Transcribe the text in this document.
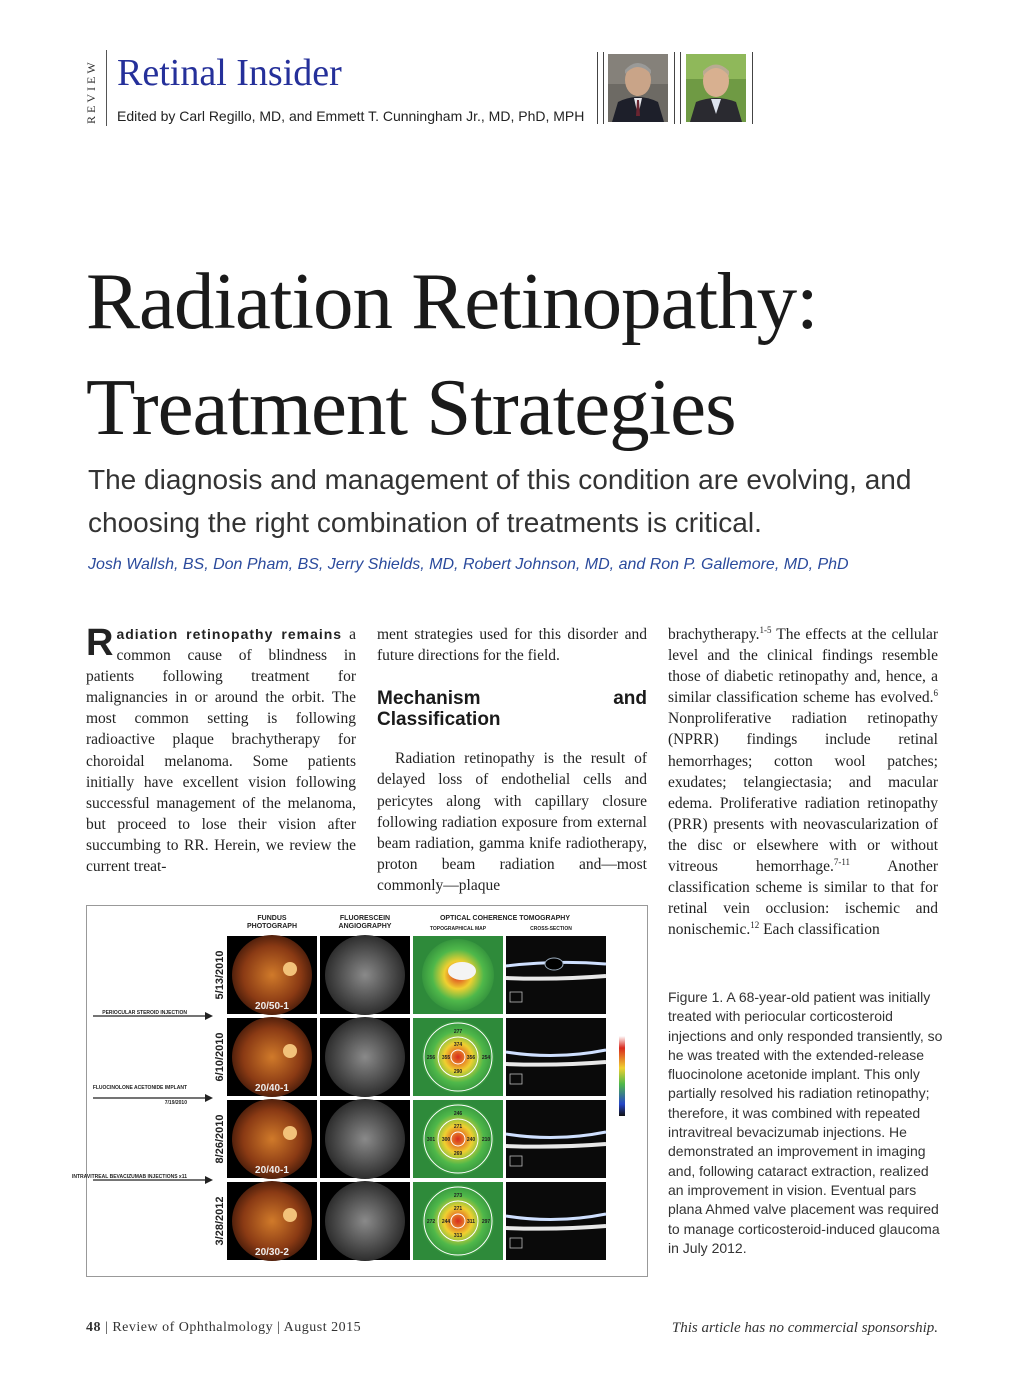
REVIEW Retinal Insider
Edited by Carl Regillo, MD, and Emmett T. Cunningham Jr., MD, PhD, MPH
Radiation Retinopathy:
Treatment Strategies
The diagnosis and management of this condition are evolving, and choosing the right combination of treatments is critical.
Josh Wallsh, BS, Don Pham, BS, Jerry Shields, MD, Robert Johnson, MD, and Ron P. Gallemore, MD, PhD

Radiation retinopathy remains a common cause of blindness in patients following treatment for malignancies in or around the orbit. The most common setting is following radioactive plaque brachytherapy for choroidal melanoma. Some patients initially have excellent vision following successful management of the melanoma, but proceed to lose their vision after succumbing to RR. Herein, we review the current treat-

ment strategies used for this disorder and future directions for the field.

Mechanism and Classification

Radiation retinopathy is the result of delayed loss of endothelial cells and pericytes along with capillary closure following radiation exposure from external beam radiation, gamma knife radiotherapy, proton beam radiation and—most commonly—plaque

brachytherapy.$^{1-5}$ The effects at the cellular level and the clinical findings resemble those of diabetic retinopathy and, hence, a similar classification scheme has evolved.$^6$ Nonproliferative radiation retinopathy (NPRR) findings include retinal hemorrhages; cotton wool patches; exudates; telangiectasia; and macular edema. Proliferative radiation retinopathy (PRR) presents with neovascularization of the disc or elsewhere with or without vitreous hemorrhage.$^{7-11}$ Another classification scheme is similar to that for retinal vein occlusion: ischemic and nonischemic.$^{12}$ Each classification

FUNDUS
PHOTOGRAPH
FLUORESCEIN
ANGIOGRAPHY
OPTICAL COHERENCE TOMOGRAPHY
TOPOGRAPHICAL MAP	CROSS-SECTION
5/13/2010
20/50-1
6/10/2010
20/40-1
277
374
256 355	356 254
290
8/26/2010
20/40-1
246
271
301 300	240 210
269
3/28/2012
20/30-2
273
271
272 244	311 297
313
PERIOCULAR STEROID INJECTION
FLUOCINOLONE ACETONIDE IMPLANT
7/19/2010
INTRAVITREAL BEVACIZUMAB INJECTIONS x11
Figure 1. A 68-year-old patient was initially treated with periocular corticosteroid injections and only responded transiently, so he was treated with the extended-release fluocinolone acetonide implant. This only partially resolved his radiation retinopathy; therefore, it was combined with repeated intravitreal bevacizumab injections. He demonstrated an improvement in imaging and, following cataract extraction, realized an improvement in vision. Eventual pars plana Ahmed valve placement was required to manage corticosteroid-induced glaucoma in July 2012.
48 | Review of Ophthalmology | August 2015	This article has no commercial sponsorship.
